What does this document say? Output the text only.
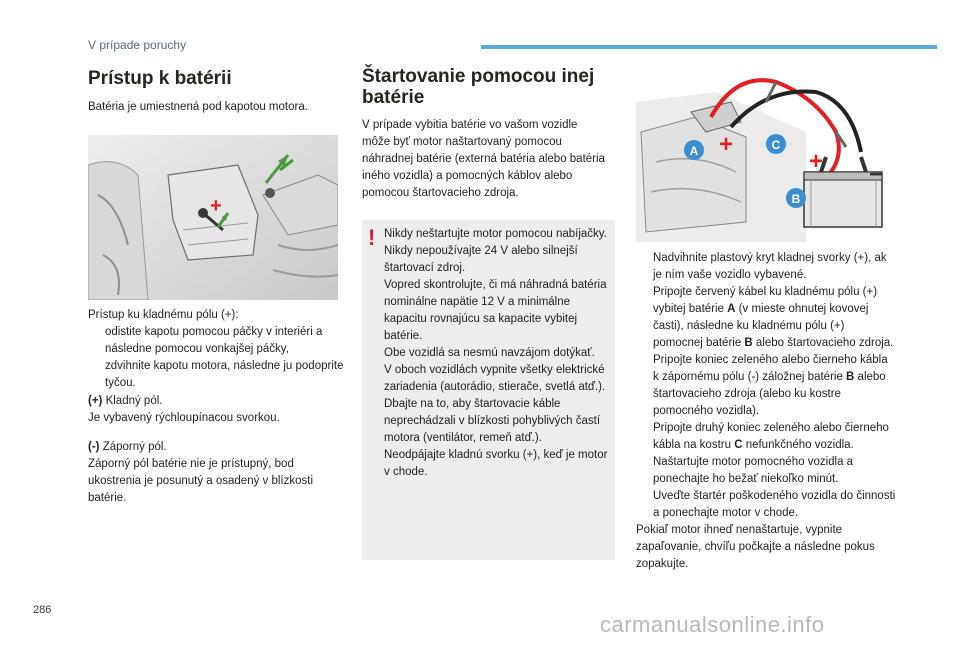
V prípade poruchy
Prístup k batérii

Batéria je umiestnená pod kapotou motora.

+

Prístup ku kladnému pólu (+):

odistite kapotu pomocou páčky v interiéri a následne pomocou vonkajšej páčky,
zdvihnite kapotu motora, následne ju podoprite tyčou.

(+) Kladný pól.

Je vybavený rýchloupínacou svorkou.

(-) Záporný pól.

Záporný pól batérie nie je prístupný, bod ukostrenia je posunutý a osadený v blízkosti batérie.

Štartovanie pomocou inej
batérie

V prípade vybitia batérie vo vašom vozidle môže byť motor naštartovaný pomocou náhradnej batérie (externá batéria alebo batéria iného vozidla) a pomocných káblov alebo pomocou štartovacieho zdroja.

! Nikdy neštartujte motor pomocou nabíjačky.

Nikdy nepoužívajte 24 V alebo silnejší štartovací zdroj.

Vopred skontrolujte, či má náhradná batéria nominálne napätie 12 V a minimálne kapacitu rovnajúcu sa kapacite vybitej batérie.

Obe vozidlá sa nesmú navzájom dotýkať.

V oboch vozidlách vypnite všetky elektrické zariadenia (autorádio, stierače, svetlá atď.).

Dbajte na to, aby štartovacie káble neprechádzali v blízkosti pohyblivých častí motora (ventilátor, remeň atď.).

Neodpájajte kladnú svorku (+), keď je motor v chode.

A	C
B
+
+ −
Nadvihnite plastový kryt kladnej svorky (+), ak je ním vaše vozidlo vybavené.
Pripojte červený kábel ku kladnému pólu (+) vybitej batérie A (v mieste ohnutej kovovej časti), následne ku kladnému pólu (+) pomocnej batérie B alebo štartovacieho zdroja.
Pripojte koniec zeleného alebo čierneho kábla k zápornému pólu (-) záložnej batérie B alebo štartovacieho zdroja (alebo ku kostre pomocného vozidla).
Pripojte druhý koniec zeleného alebo čierneho kábla na kostru C nefunkčného vozidla.
Naštartujte motor pomocného vozidla a ponechajte ho bežať niekoľko minút.
Uveďte štartér poškodeného vozidla do činnosti a ponechajte motor v chode.

Pokiaľ motor ihneď nenaštartuje, vypnite zapaľovanie, chvíľu počkajte a následne pokus zopakujte.

286
carmanualsonline.info
